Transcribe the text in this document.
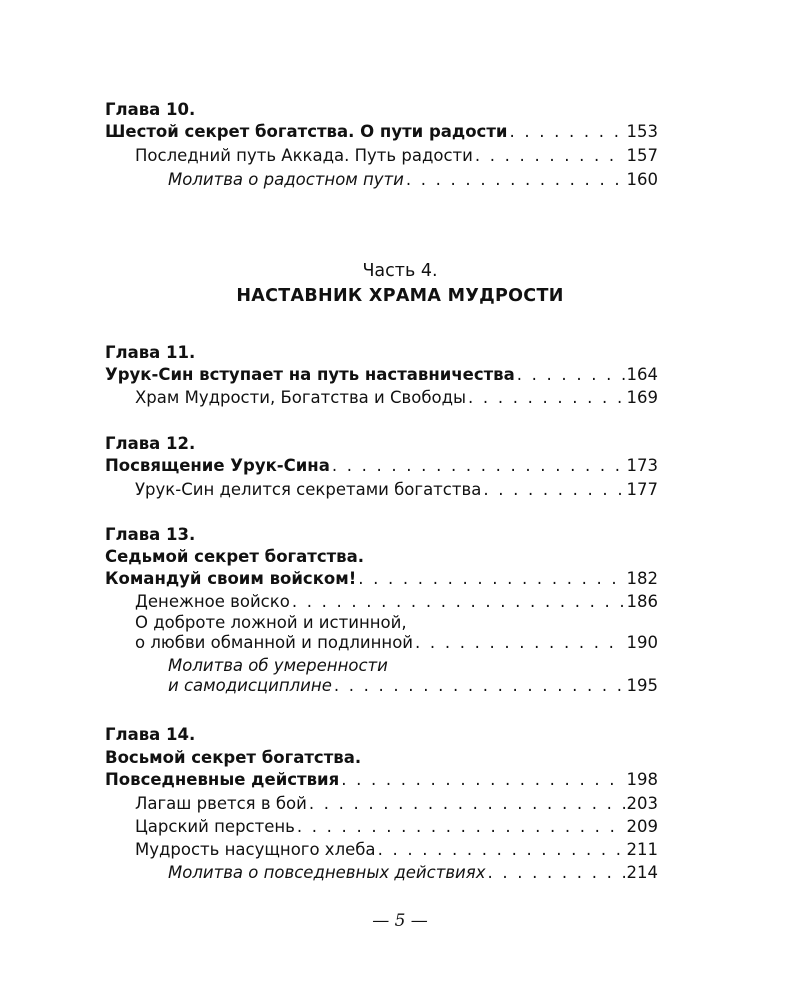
Глава 10.
Шестой секрет богатства. О пути радости . . .	153
Последний путь Аккада. Путь радости . . .	157
Молитва о радостном пути . . .	160
Часть 4.
НАСТАВНИК ХРАМА МУДРОСТИ
Глава 11.
Урук-Син вступает на путь наставничества . . .	164
Храм Мудрости, Богатства и Свободы . . .	169
Глава 12.
Посвящение Урук-Сина . . .	173
Урук-Син делится секретами богатства . . .	177
Глава 13.
Седьмой секрет богатства.
Командуй своим войском! . . .	182
Денежное войско . . .	186
О доброте ложной и истинной,
о любви обманной и подлинной . . .	190
Молитва об умеренности
и самодисциплине . . .	195
Глава 14.
Восьмой секрет богатства.
Повседневные действия . . .	198
Лагаш рвется в бой . . .	203
Царский перстень . . .	209
Мудрость насущного хлеба . . .	211
Молитва о повседневных действиях . . .	214
— 5 —
